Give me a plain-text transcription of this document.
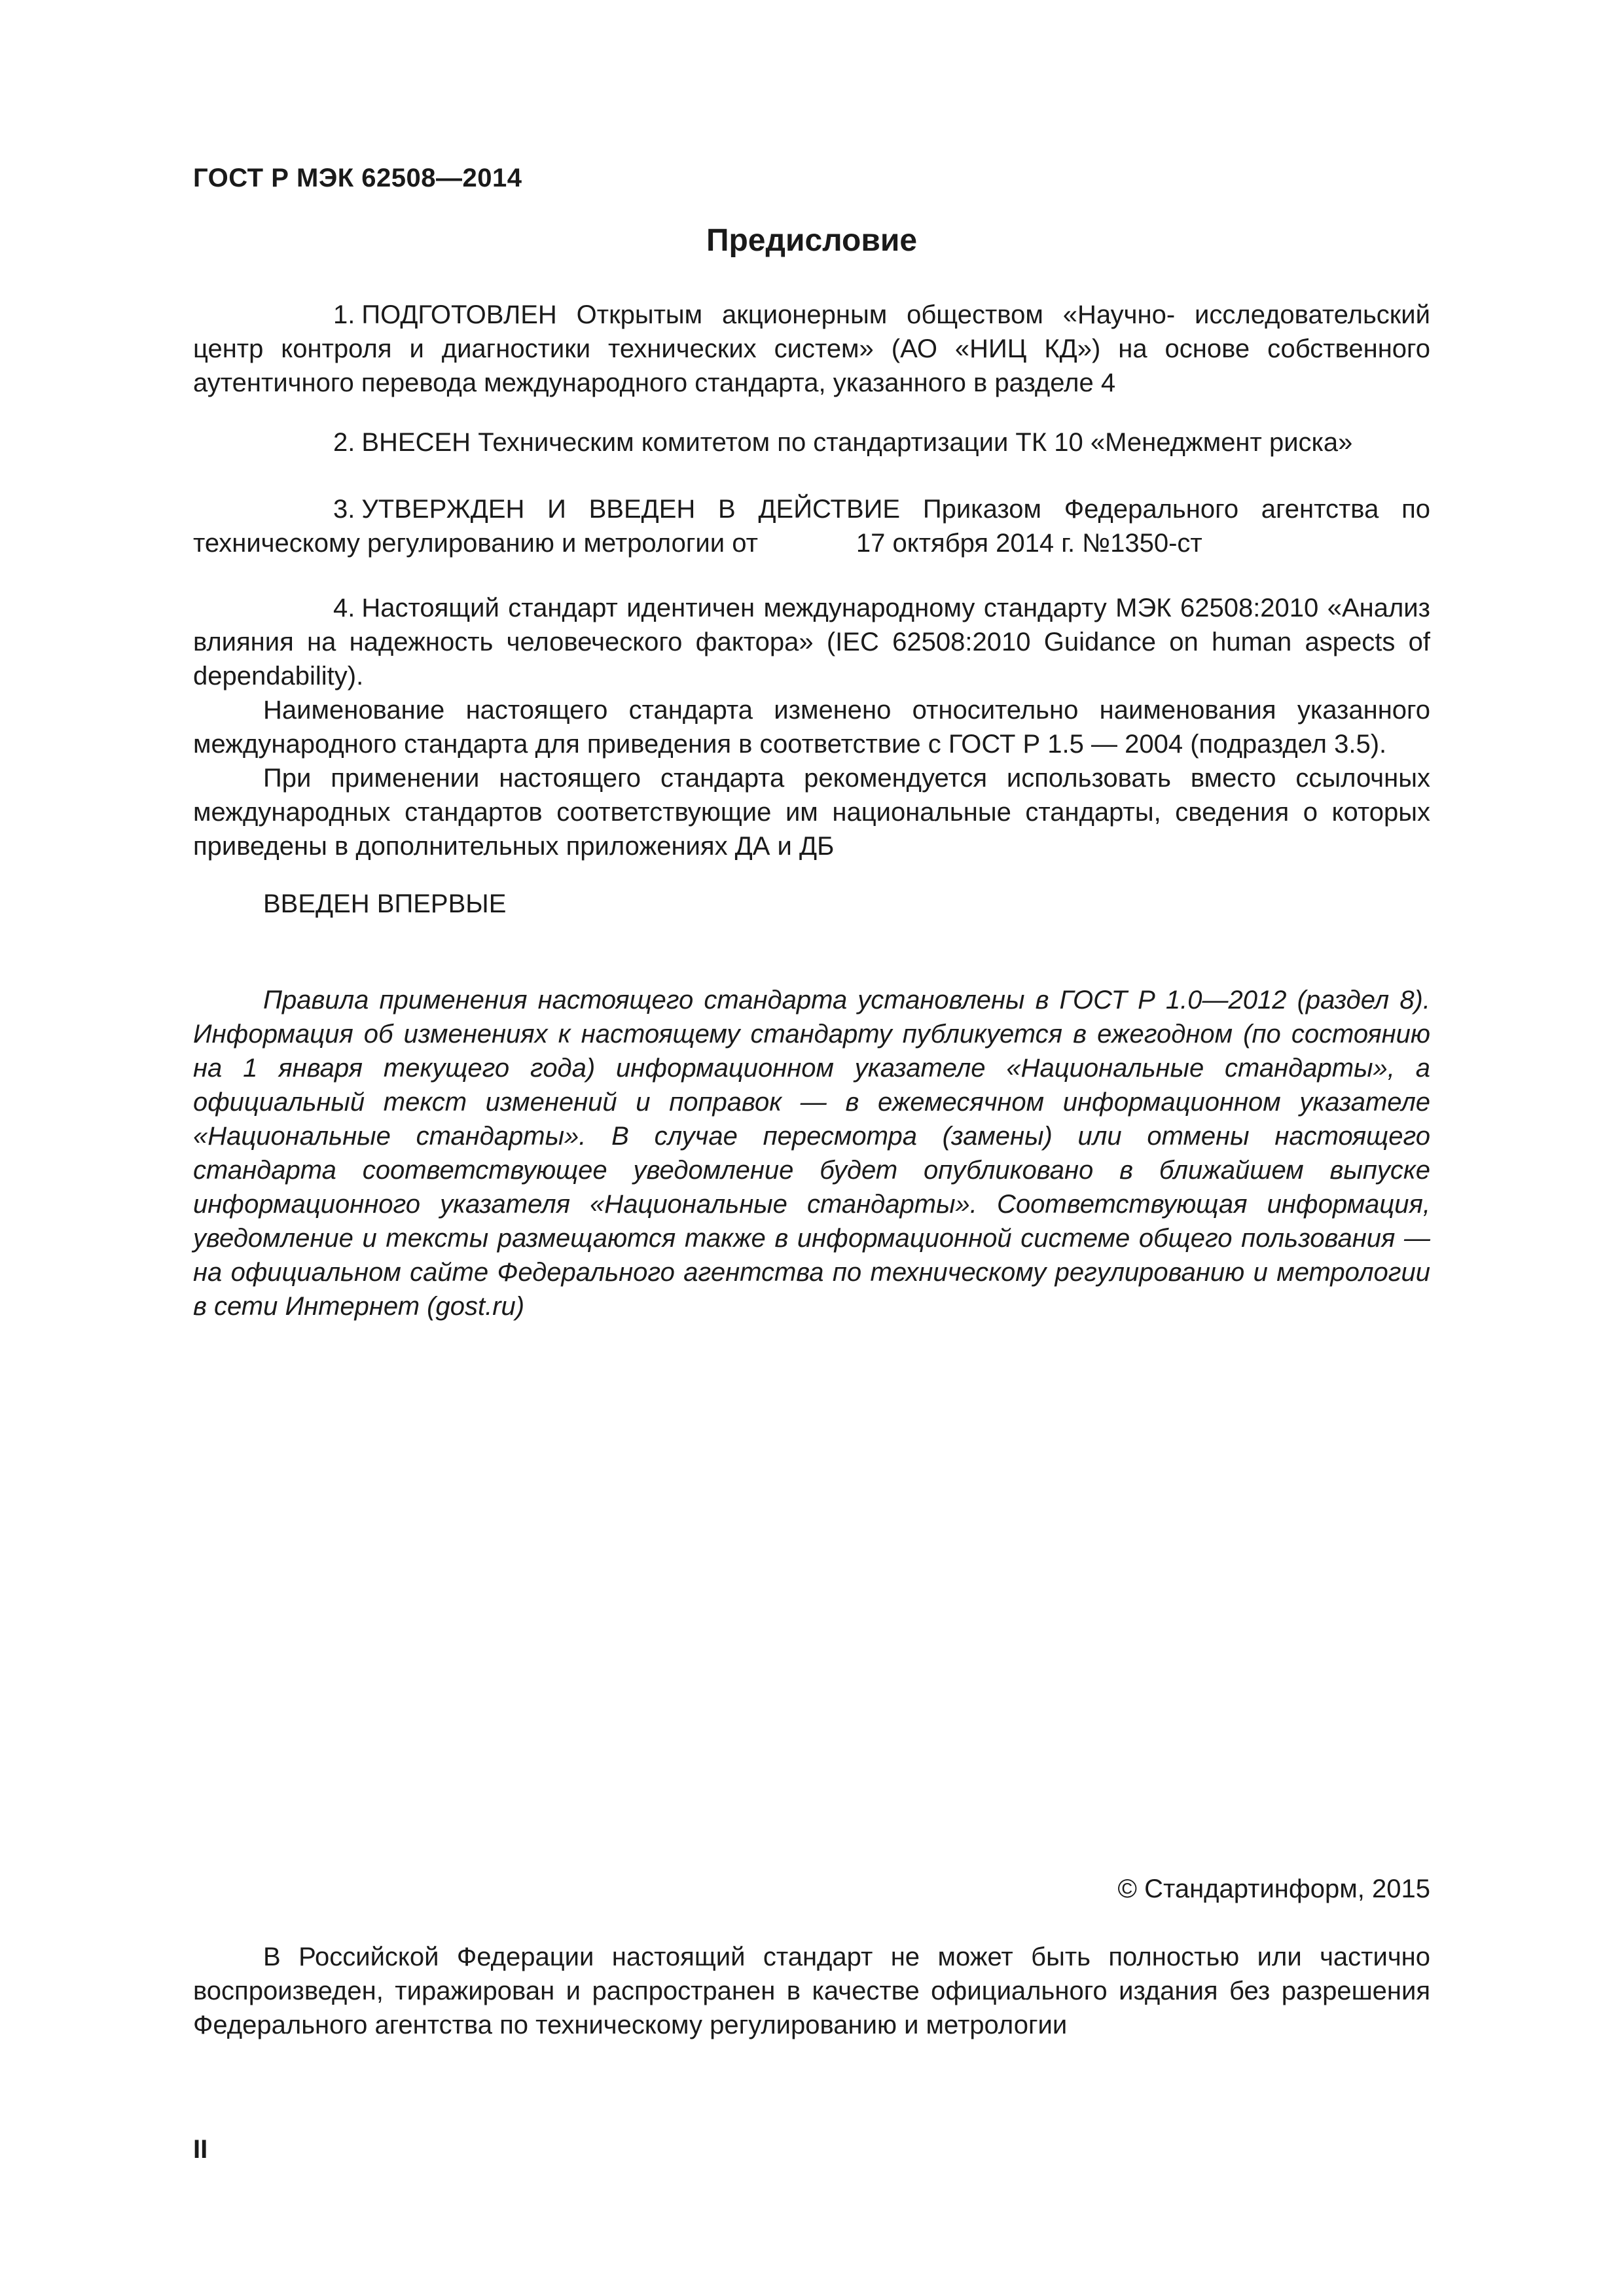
ГОСТ Р МЭК 62508—2014
Предисловие

1. ПОДГОТОВЛЕН Открытым акционерным обществом «Научно- исследовательский центр контроля и диагностики технических систем» (АО «НИЦ КД») на основе собственного аутентичного перевода международного стандарта, указанного в разделе 4

2. ВНЕСЕН Техническим комитетом по стандартизации ТК 10 «Менеджмент риска»

3. УТВЕРЖДЕН И ВВЕДЕН В ДЕЙСТВИЕ Приказом Федерального агентства по техническому регулированию и метрологии от	17 октября 2014 г. №1350-ст

4. Настоящий стандарт идентичен международному стандарту МЭК 62508:2010 «Анализ влияния на надежность человеческого фактора» (IEC 62508:2010 Guidance on human aspects of dependability).

Наименование настоящего стандарта изменено относительно наименования указанного международного стандарта для приведения в соответствие с ГОСТ Р 1.5 — 2004 (подраздел 3.5).

При применении настоящего стандарта рекомендуется использовать вместо ссылочных международных стандартов соответствующие им национальные стандарты, сведения о которых приведены в дополнительных приложениях ДА и ДБ

ВВЕДЕН ВПЕРВЫЕ

Правила применения настоящего стандарта установлены в ГОСТ Р 1.0—2012 (раздел 8). Информация об изменениях к настоящему стандарту публикуется в ежегодном (по состоянию на 1 января текущего года) информационном указателе «Национальные стандарты», а официальный текст изменений и поправок — в ежемесячном информационном указателе «Национальные стандарты». В случае пересмотра (замены) или отмены настоящего стандарта соответствующее уведомление будет опубликовано в ближайшем выпуске информационного указателя «Национальные стандарты». Соответствующая информация, уведомление и тексты размещаются также в информационной системе общего пользования — на официальном сайте Федерального агентства по техническому регулированию и метрологии в сети Интернет (gost.ru)

© Стандартинформ, 2015

В Российской Федерации настоящий стандарт не может быть полностью или частично воспроизведен, тиражирован и распространен в качестве официального издания без разрешения Федерального агентства по техническому регулированию и метрологии

II
